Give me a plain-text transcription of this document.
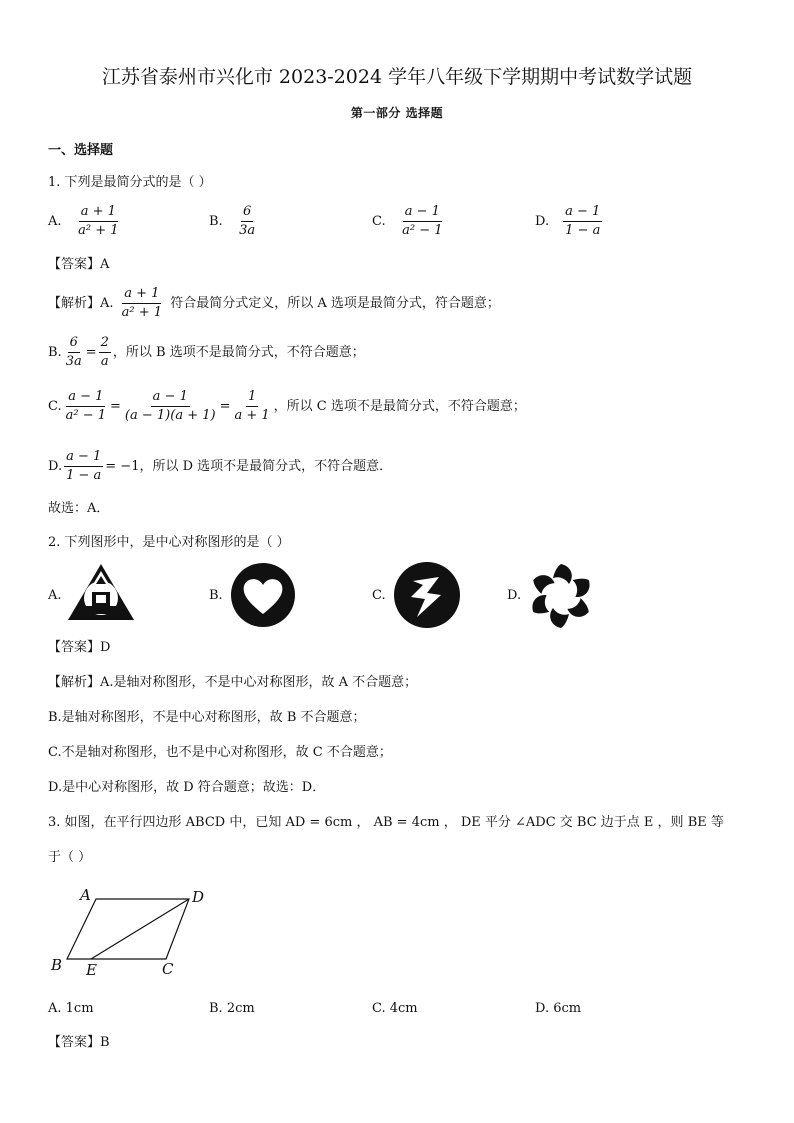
江苏省泰州市兴化市 2023-2024 学年八年级下学期期中考试数学试题
第一部分 选择题
一、选择题
1. 下列是最简分式的是（ ）
A. $\frac{a + 1}{\text{a² + 1}}$	B. $\frac{6}{3a}$	C. $\frac{a - 1}{\text{a² − 1}}$	D. $\frac{a - 1}{1 - a}$
【答案】A
【解析】A. $\frac{a + 1}{\text{a² + 1}}$ 符合最简分式定义，所以 A 选项是最简分式，符合题意；
B. $\frac{6}{3a} = \frac{2}{a}$ ，所以 B 选项不是最简分式，不符合题意；
C. $\frac{a - 1}{\text{a² − 1}} = \frac{a - 1}{(a - 1)(a + 1)} = \frac{1}{a + 1}$ ，所以 C 选项不是最简分式，不符合题意；
D. $\frac{a - 1}{1 - a} = -1$，所以 D 选项不是最简分式，不符合题意．
故选：A．
2. 下列图形中，是中心对称图形的是（ ）
A.	B.	C.	D.
【答案】D
【解析】A.是轴对称图形，不是中心对称图形，故 A 不合题意；
B.是轴对称图形，不是中心对称图形，故 B 不合题意；
C.不是轴对称图形，也不是中心对称图形，故 C 不合题意；
D.是中心对称图形，故 D 符合题意；故选：D．
3. 如图，在平行四边形 ABCD 中，已知 AD = 6cm ， AB = 4cm ， DE 平分 ∠ADC 交 BC 边于点 E ，则 BE 等
于（ ）
A	D
B E	C
A. 1cm	B. 2cm	C. 4cm	D. 6cm
【答案】B
